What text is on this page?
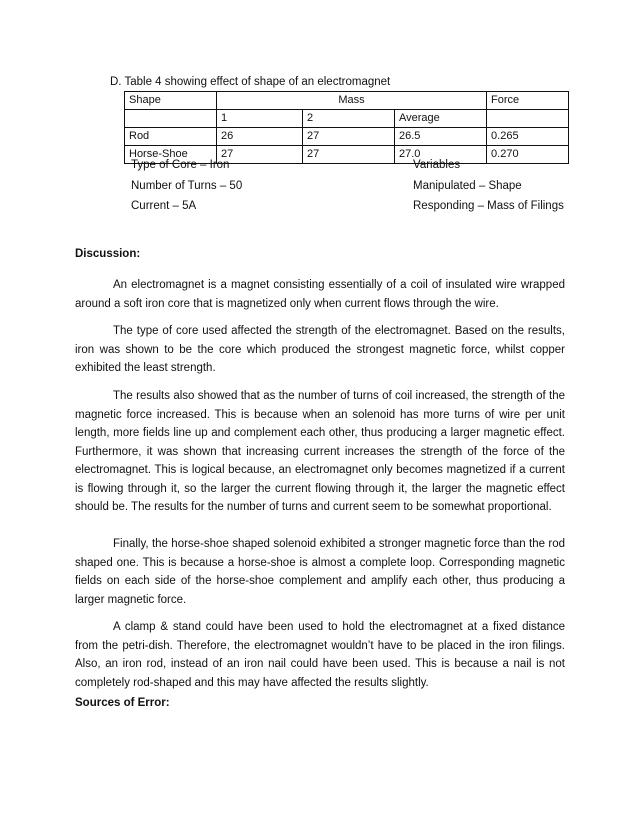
D. Table 4 showing effect of shape of an electromagnet
Shape	Mass			Force
	1	2	Average	
Rod	26	27	26.5	0.265
Horse-Shoe	27	27	27.0	0.270
Type of Core – Iron
Number of Turns – 50
Current – 5A
Variables
Manipulated – Shape
Responding – Mass of Filings
Discussion:

An electromagnet is a magnet consisting essentially of a coil of insulated wire wrapped around a soft iron core that is magnetized only when current flows through the wire.

The type of core used affected the strength of the electromagnet. Based on the results, iron was shown to be the core which produced the strongest magnetic force, whilst copper exhibited the least strength.

The results also showed that as the number of turns of coil increased, the strength of the magnetic force increased. This is because when an solenoid has more turns of wire per unit length, more fields line up and complement each other, thus producing a larger magnetic effect. Furthermore, it was shown that increasing current increases the strength of the force of the electromagnet. This is logical because, an electromagnet only becomes magnetized if a current is flowing through it, so the larger the current flowing through it, the larger the magnetic effect should be. The results for the number of turns and current seem to be somewhat proportional.

Finally, the horse-shoe shaped solenoid exhibited a stronger magnetic force than the rod shaped one. This is because a horse-shoe is almost a complete loop. Corresponding magnetic fields on each side of the horse-shoe complement and amplify each other, thus producing a larger magnetic force.

A clamp & stand could have been used to hold the electromagnet at a fixed distance from the petri-dish. Therefore, the electromagnet wouldn’t have to be placed in the iron filings. Also, an iron rod, instead of an iron nail could have been used. This is because a nail is not completely rod-shaped and this may have affected the results slightly.

Sources of Error:
